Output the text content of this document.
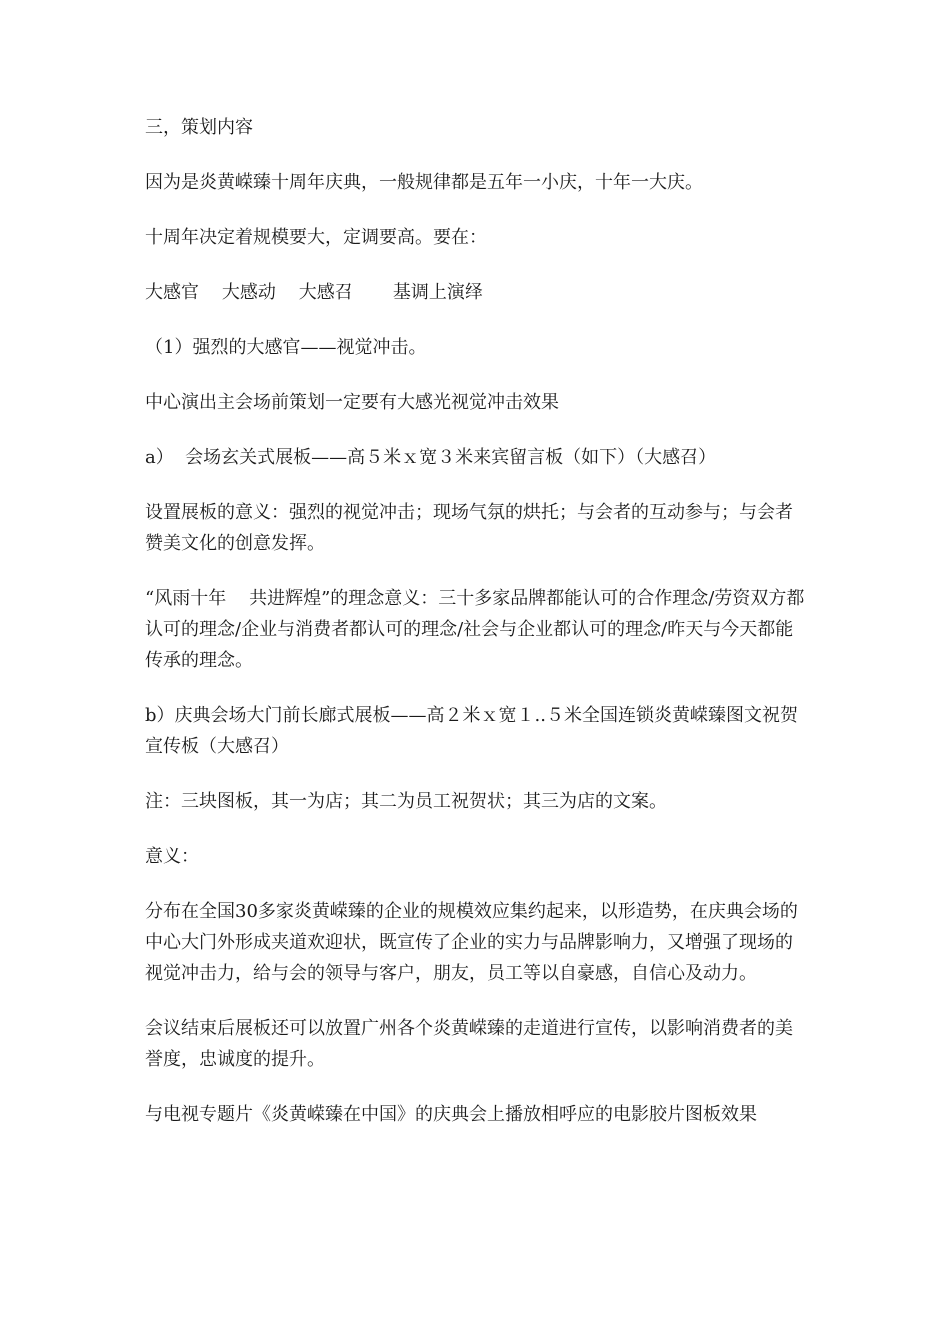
三，策划内容

因为是炎黄嵘臻十周年庆典，一般规律都是五年一小庆，十年一大庆。

十周年决定着规模要大，定调要高。要在：

大感官    大感动    大感召       基调上演绎

（1）强烈的大感官——视觉冲击。

中心演出主会场前策划一定要有大感光视觉冲击效果

a）  会场玄关式展板——高５米ｘ宽３米来宾留言板（如下）（大感召）

设置展板的意义：强烈的视觉冲击；现场气氛的烘托；与会者的互动参与；与会者赞美文化的创意发挥。

“风雨十年    共进辉煌”的理念意义：三十多家品牌都能认可的合作理念/劳资双方都认可的理念/企业与消费者都认可的理念/社会与企业都认可的理念/昨天与今天都能传承的理念。

b）庆典会场大门前长廊式展板——高２米ｘ宽１..５米全国连锁炎黄嵘臻图文祝贺宣传板（大感召）

注：三块图板，其一为店；其二为员工祝贺状；其三为店的文案。

意义：

分布在全国30多家炎黄嵘臻的企业的规模效应集约起来，以形造势，在庆典会场的中心大门外形成夹道欢迎状，既宣传了企业的实力与品牌影响力，又增强了现场的视觉冲击力，给与会的领导与客户，朋友，员工等以自豪感，自信心及动力。

会议结束后展板还可以放置广州各个炎黄嵘臻的走道进行宣传，以影响消费者的美誉度，忠诚度的提升。

与电视专题片《炎黄嵘臻在中国》的庆典会上播放相呼应的电影胶片图板效果
